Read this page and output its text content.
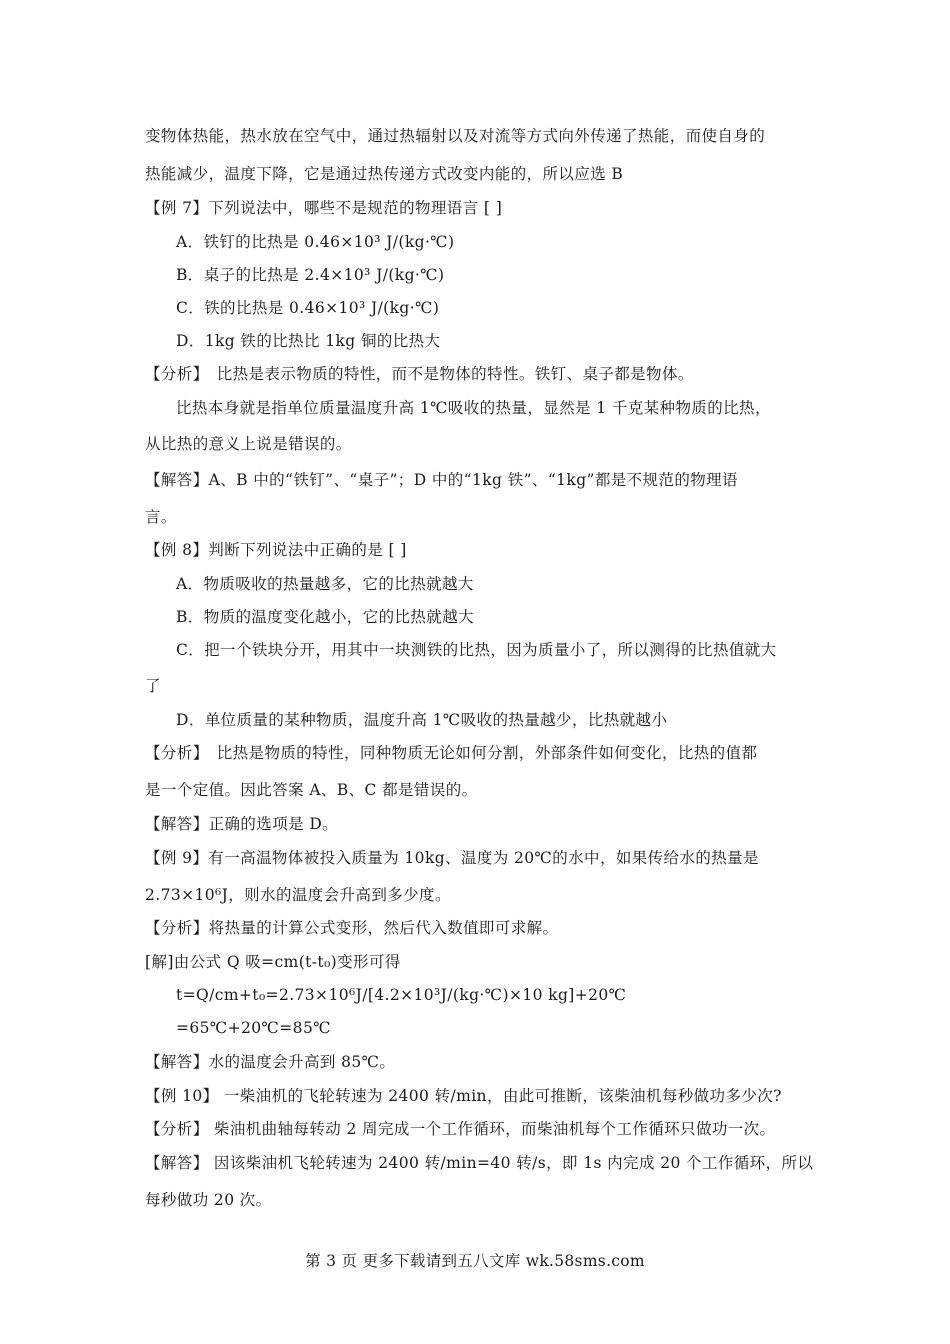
变物体热能，热水放在空气中，通过热辐射以及对流等方式向外传递了热能，而使自身的
热能减少，温度下降，它是通过热传递方式改变内能的，所以应选 B
【例 7】下列说法中，哪些不是规范的物理语言 [ ]
A．铁钉的比热是 0.46×10³ J/(kg·℃)
B．桌子的比热是 2.4×10³ J/(kg·℃)
C．铁的比热是 0.46×10³ J/(kg·℃)
D．1kg 铁的比热比 1kg 铜的比热大
【分析】　比热是表示物质的特性，而不是物体的特性。铁钉、桌子都是物体。
比热本身就是指单位质量温度升高 1℃吸收的热量，显然是 1 千克某种物质的比热，
从比热的意义上说是错误的。
【解答】A、B 中的“铁钉”、“桌子”；D 中的“1kg 铁”、“1kg”都是不规范的物理语
言。
【例 8】判断下列说法中正确的是 [ ]
A．物质吸收的热量越多，它的比热就越大
B．物质的温度变化越小，它的比热就越大
C．把一个铁块分开，用其中一块测铁的比热，因为质量小了，所以测得的比热值就大
了
D．单位质量的某种物质，温度升高 1℃吸收的热量越少，比热就越小
【分析】　比热是物质的特性，同种物质无论如何分割，外部条件如何变化，比热的值都
是一个定值。因此答案 A、B、C 都是错误的。
【解答】正确的选项是 D。
【例 9】有一高温物体被投入质量为 10kg、温度为 20℃的水中，如果传给水的热量是
2.73×10⁶J，则水的温度会升高到多少度。
【分析】将热量的计算公式变形，然后代入数值即可求解。
[解]由公式 Q 吸=cm(t-t₀)变形可得
t=Q/cm+t₀=2.73×10⁶J/[4.2×10³J/(kg·℃)×10 kg]+20℃
=65℃+20℃=85℃
【解答】水的温度会升高到 85℃。
【例 10】 一柴油机的飞轮转速为 2400 转/min，由此可推断，该柴油机每秒做功多少次?
【分析】 柴油机曲轴每转动 2 周完成一个工作循环，而柴油机每个工作循环只做功一次。
【解答】 因该柴油机飞轮转速为 2400 转/min=40 转/s，即 1s 内完成 20 个工作循环，所以
每秒做功 20 次。
第 3 页 更多下载请到五八文库 wk.58sms.com
